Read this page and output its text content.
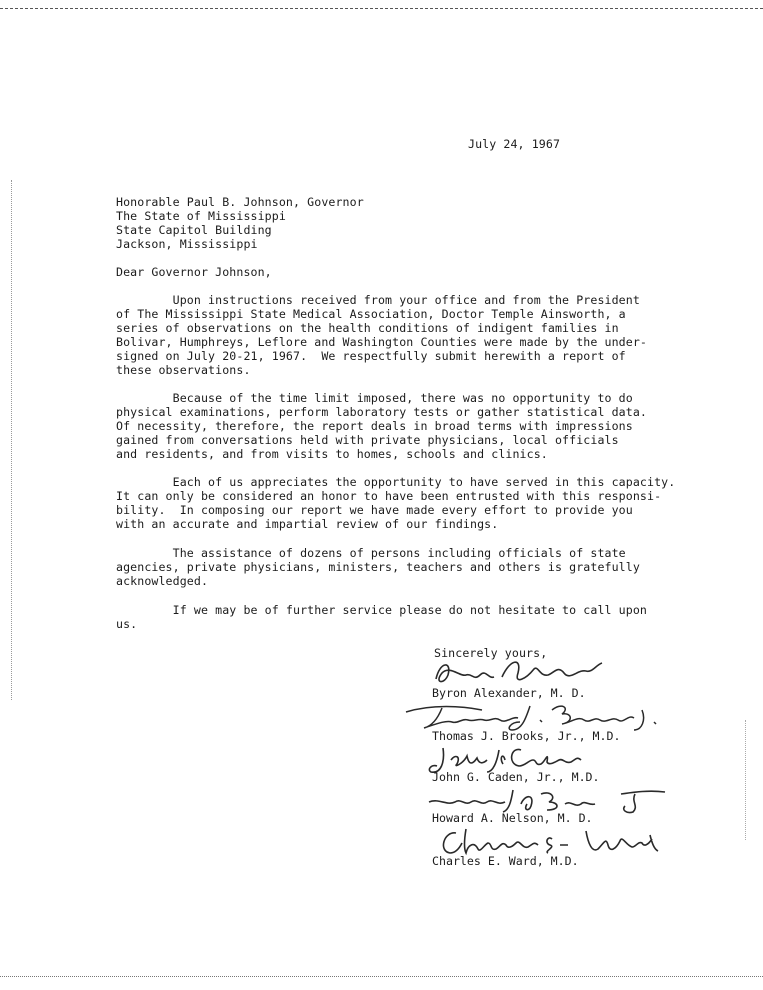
July 24, 1967
Honorable Paul B. Johnson, Governor
The State of Mississippi
State Capitol Building
Jackson, Mississippi
Dear Governor Johnson,
Upon instructions received from your office and from the President
of The Mississippi State Medical Association, Doctor Temple Ainsworth, a
series of observations on the health conditions of indigent families in
Bolivar, Humphreys, Leflore and Washington Counties were made by the under-
signed on July 20-21, 1967.  We respectfully submit herewith a report of
these observations.
Because of the time limit imposed, there was no opportunity to do
physical examinations, perform laboratory tests or gather statistical data.
Of necessity, therefore, the report deals in broad terms with impressions
gained from conversations held with private physicians, local officials
and residents, and from visits to homes, schools and clinics.
Each of us appreciates the opportunity to have served in this capacity.
It can only be considered an honor to have been entrusted with this responsi-
bility.  In composing our report we have made every effort to provide you
with an accurate and impartial review of our findings.
The assistance of dozens of persons including officials of state
agencies, private physicians, ministers, teachers and others is gratefully
acknowledged.
If we may be of further service please do not hesitate to call upon
us.
Sincerely yours,
Byron Alexander, M. D.
Thomas J. Brooks, Jr., M.D.
John G. Caden, Jr., M.D.
Howard A. Nelson, M. D.
Charles E. Ward, M.D.
